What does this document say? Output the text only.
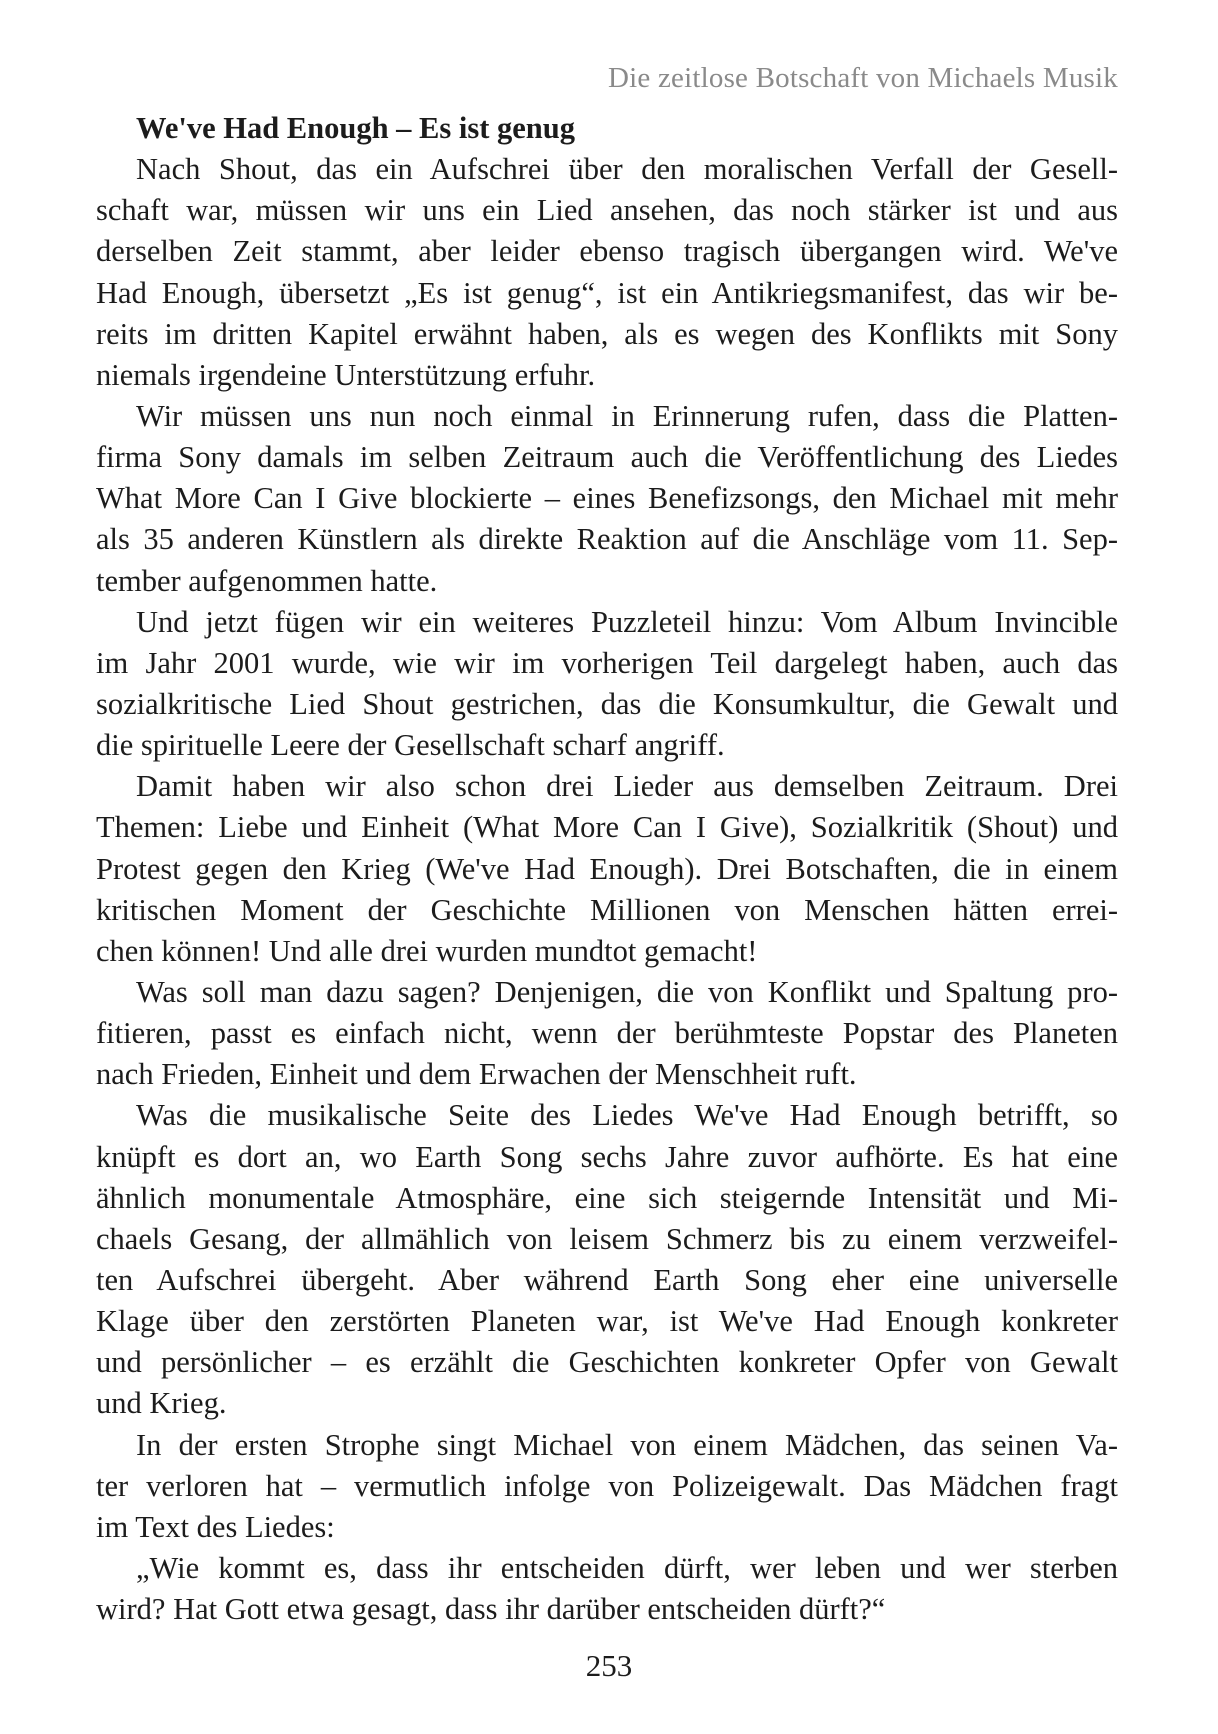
Die zeitlose Botschaft von Michaels Musik
We've Had Enough – Es ist genug
Nach Shout, das ein Aufschrei über den moralischen Verfall der Gesell-
schaft war, müssen wir uns ein Lied ansehen, das noch stärker ist und aus
derselben Zeit stammt, aber leider ebenso tragisch übergangen wird. We've
Had Enough, übersetzt „Es ist genug“, ist ein Antikriegsmanifest, das wir be-
reits im dritten Kapitel erwähnt haben, als es wegen des Konflikts mit Sony
niemals irgendeine Unterstützung erfuhr.
Wir müssen uns nun noch einmal in Erinnerung rufen, dass die Platten-
firma Sony damals im selben Zeitraum auch die Veröffentlichung des Liedes
What More Can I Give blockierte – eines Benefizsongs, den Michael mit mehr
als 35 anderen Künstlern als direkte Reaktion auf die Anschläge vom 11. Sep-
tember aufgenommen hatte.
Und jetzt fügen wir ein weiteres Puzzleteil hinzu: Vom Album Invincible
im Jahr 2001 wurde, wie wir im vorherigen Teil dargelegt haben, auch das
sozialkritische Lied Shout gestrichen, das die Konsumkultur, die Gewalt und
die spirituelle Leere der Gesellschaft scharf angriff.
Damit haben wir also schon drei Lieder aus demselben Zeitraum. Drei
Themen: Liebe und Einheit (What More Can I Give), Sozialkritik (Shout) und
Protest gegen den Krieg (We've Had Enough). Drei Botschaften, die in einem
kritischen Moment der Geschichte Millionen von Menschen hätten errei-
chen können! Und alle drei wurden mundtot gemacht!
Was soll man dazu sagen? Denjenigen, die von Konflikt und Spaltung pro-
fitieren, passt es einfach nicht, wenn der berühmteste Popstar des Planeten
nach Frieden, Einheit und dem Erwachen der Menschheit ruft.
Was die musikalische Seite des Liedes We've Had Enough betrifft, so
knüpft es dort an, wo Earth Song sechs Jahre zuvor aufhörte. Es hat eine
ähnlich monumentale Atmosphäre, eine sich steigernde Intensität und Mi-
chaels Gesang, der allmählich von leisem Schmerz bis zu einem verzweifel-
ten Aufschrei übergeht. Aber während Earth Song eher eine universelle
Klage über den zerstörten Planeten war, ist We've Had Enough konkreter
und persönlicher – es erzählt die Geschichten konkreter Opfer von Gewalt
und Krieg.
In der ersten Strophe singt Michael von einem Mädchen, das seinen Va-
ter verloren hat – vermutlich infolge von Polizeigewalt. Das Mädchen fragt
im Text des Liedes:
„Wie kommt es, dass ihr entscheiden dürft, wer leben und wer sterben
wird? Hat Gott etwa gesagt, dass ihr darüber entscheiden dürft?“
253
